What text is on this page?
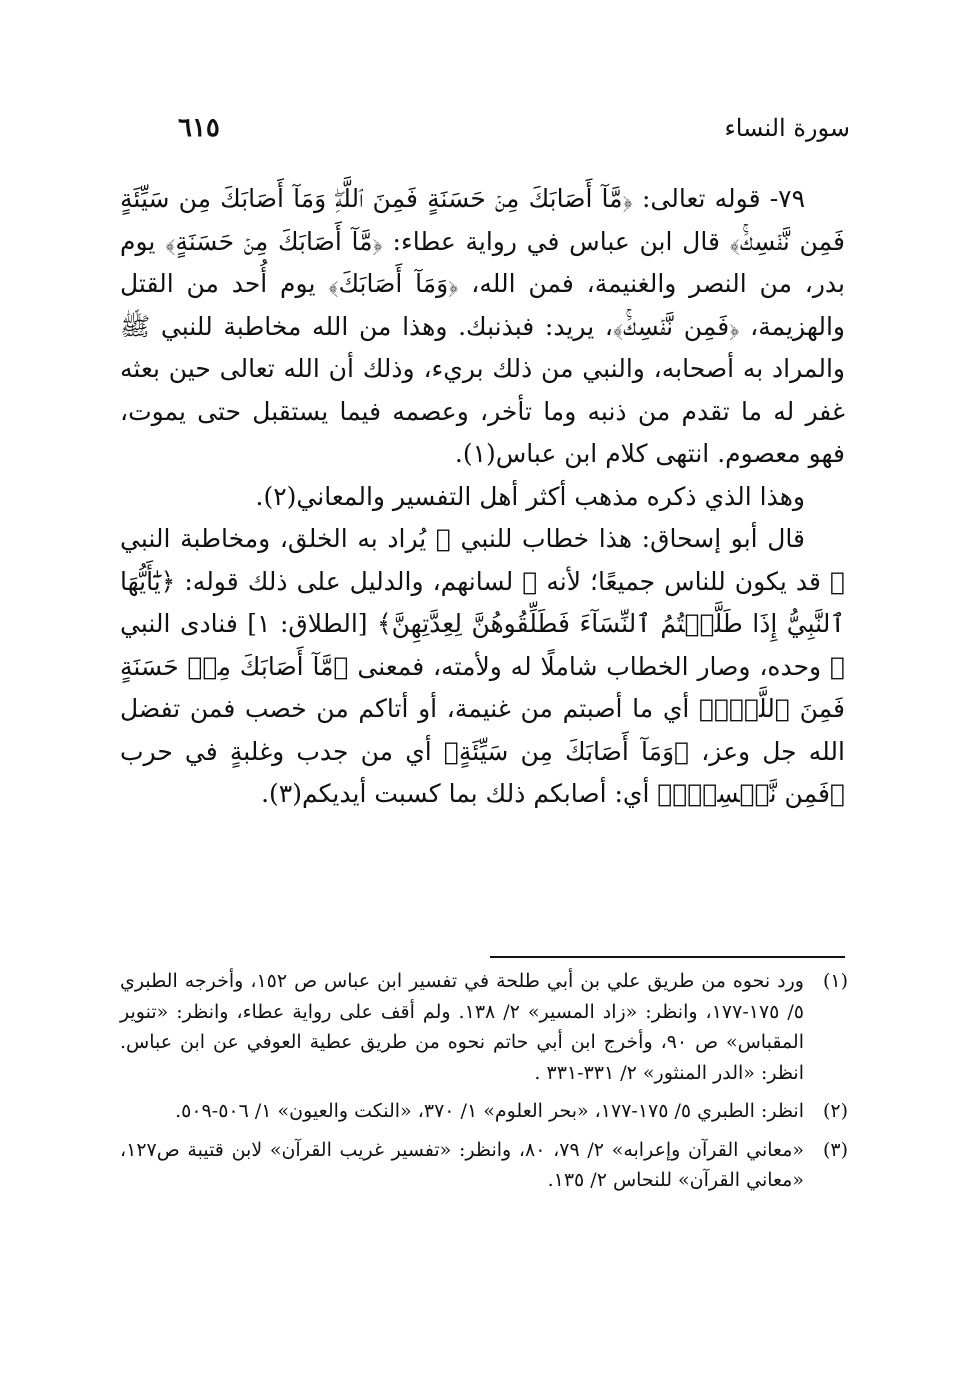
سورة النساء
٦١٥

٧٩- قوله تعالى: ﴿مَّآ أَصَابَكَ مِنۡ حَسَنَةٍ فَمِنَ ٱللَّهِۖ وَمَآ أَصَابَكَ مِن سَيِّئَةٍ فَمِن نَّفۡسِكَۚ﴾ قال ابن عباس في رواية عطاء: ﴿مَّآ أَصَابَكَ مِنۡ حَسَنَةٍ﴾ يوم بدر، من النصر والغنيمة، فمن الله، ﴿وَمَآ أَصَابَكَ﴾ يوم أُحد من القتل والهزيمة، ﴿فَمِن نَّفۡسِكَۚ﴾، يريد: فبذنبك. وهذا من الله مخاطبة للنبي ﷺ والمراد به أصحابه، والنبي من ذلك بريء، وذلك أن الله تعالى حين بعثه غفر له ما تقدم من ذنبه وما تأخر، وعصمه فيما يستقبل حتى يموت، فهو معصوم. انتهى كلام ابن عباس(١).

وهذا الذي ذكره مذهب أكثر أهل التفسير والمعاني(٢).

قال أبو إسحاق: هذا خطاب للنبي ﷺ يُراد به الخلق، ومخاطبة النبي ﷺ قد يكون للناس جميعًا؛ لأنه ﷺ لسانهم، والدليل على ذلك قوله: ﴿يَٰٓأَيُّهَا ٱلنَّبِيُّ إِذَا طَلَّقۡتُمُ ٱلنِّسَآءَ فَطَلِّقُوهُنَّ لِعِدَّتِهِنَّ﴾ [الطلاق: ١] فنادى النبي ﷺ وحده، وصار الخطاب شاملًا له ولأمته، فمعنى ﴿مَّآ أَصَابَكَ مِنۡ حَسَنَةٍ فَمِنَ ٱللَّهِۖ﴾ أي ما أصبتم من غنيمة، أو أتاكم من خصب فمن تفضل الله جل وعز، ﴿وَمَآ أَصَابَكَ مِن سَيِّئَةٍ﴾ أي من جدب وغلبةٍ في حرب ﴿فَمِن نَّفۡسِكَۚ﴾ أي: أصابكم ذلك بما كسبت أيديكم(٣).

(١)
ورد نحوه من طريق علي بن أبي طلحة في تفسير ابن عباس ص ١٥٢، وأخرجه الطبري ٥/ ١٧٥-١٧٧، وانظر: «زاد المسير» ٢/ ١٣٨. ولم أقف على رواية عطاء، وانظر: «تنوير المقباس» ص ٩٠، وأخرج ابن أبي حاتم نحوه من طريق عطية العوفي عن ابن عباس. انظر: «الدر المنثور» ٢/ ٣٣١-٣٣١ .
(٢)
انظر: الطبري ٥/ ١٧٥-١٧٧، «بحر العلوم» ١/ ٣٧٠، «النكت والعيون» ١/ ٥٠٦-٥٠٩.
(٣)
«معاني القرآن وإعرابه» ٢/ ٧٩، ٨٠، وانظر: «تفسير غريب القرآن» لابن قتيبة ص١٢٧، «معاني القرآن» للنحاس ٢/ ١٣٥.
